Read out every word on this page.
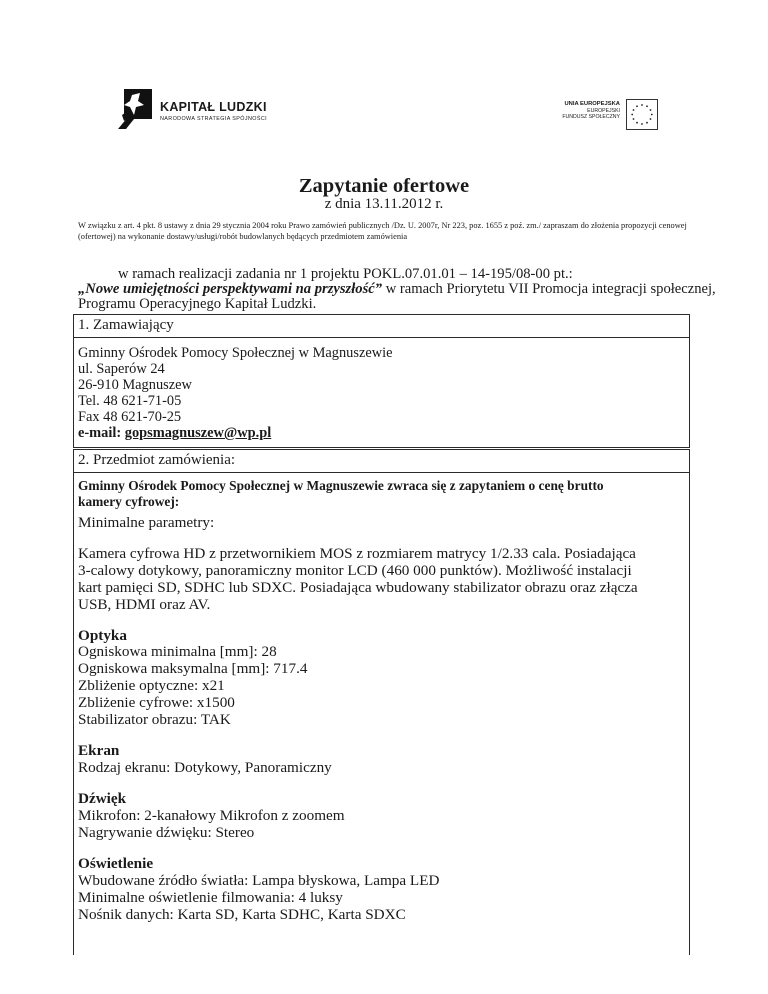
KAPITAŁ LUDZKI
NARODOWA STRATEGIA SPÓJNOŚCI
UNIA EUROPEJSKA
EUROPEJSKI
FUNDUSZ SPOŁECZNY
Zapytanie ofertowe
z dnia 13.11.2012 r.
W związku z art. 4 pkt. 8 ustawy z dnia 29 stycznia 2004 roku Prawo zamówień publicznych /Dz. U. 2007r, Nr 223, poz. 1655 z poź. zm./ zapraszam do złożenia propozycji cenowej (ofertowej) na wykonanie dostawy/usługi/robót budowlanych będących przedmiotem zamówienia
w ramach realizacji zadania nr 1 projektu POKL.07.01.01 – 14-195/08-00 pt.:
„Nowe umiejętności perspektywami na przyszłość” w ramach Priorytetu VII Promocja integracji społecznej,
Programu Operacyjnego Kapitał Ludzki.
1. Zamawiający
Gminny Ośrodek Pomocy Społecznej w Magnuszewie
ul. Saperów 24
26-910 Magnuszew
Tel. 48 621-71-05
Fax 48 621-70-25
e-mail: gopsmagnuszew@wp.pl
2. Przedmiot zamówienia:
Gminny Ośrodek Pomocy Społecznej w Magnuszewie zwraca się z zapytaniem o cenę brutto
kamery cyfrowej:
Minimalne parametry:
Kamera cyfrowa HD z przetwornikiem MOS z rozmiarem matrycy 1/2.33 cala. Posiadająca
3-calowy dotykowy, panoramiczny monitor LCD (460 000 punktów). Możliwość instalacji
kart pamięci SD, SDHC lub SDXC. Posiadająca wbudowany stabilizator obrazu oraz złącza
USB, HDMI oraz AV.
Optyka
Ogniskowa minimalna [mm]: 28
Ogniskowa maksymalna [mm]: 717.4
Zbliżenie optyczne: x21
Zbliżenie cyfrowe: x1500
Stabilizator obrazu: TAK
Ekran
Rodzaj ekranu: Dotykowy, Panoramiczny
Dźwięk
Mikrofon: 2-kanałowy Mikrofon z zoomem
Nagrywanie dźwięku: Stereo
Oświetlenie
Wbudowane źródło światła: Lampa błyskowa, Lampa LED
Minimalne oświetlenie filmowania: 4 luksy
Nośnik danych: Karta SD, Karta SDHC, Karta SDXC
